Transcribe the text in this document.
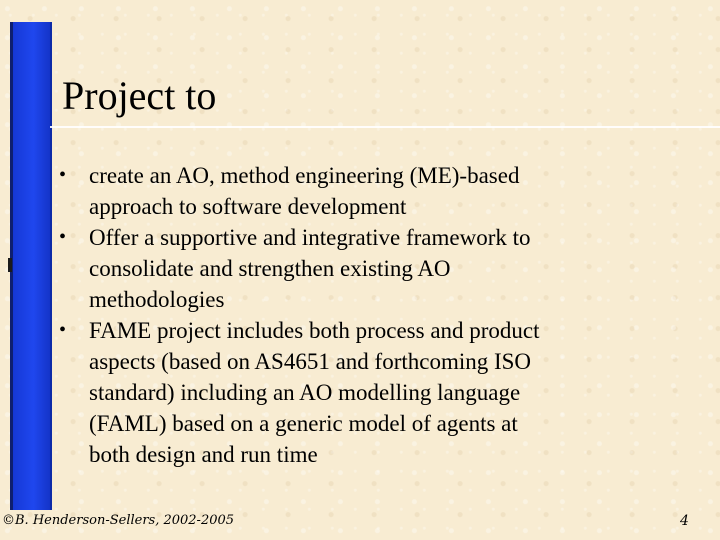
Project to
• create an AO, method engineering (ME)-based
approach to software development
• Offer a supportive and integrative framework to
consolidate and strengthen existing AO
methodologies
• FAME project includes both process and product
aspects (based on AS4651 and forthcoming ISO
standard) including an AO modelling language
(FAML) based on a generic model of agents at
both design and run time

©B. Henderson-Sellers, 2002-2005	4
